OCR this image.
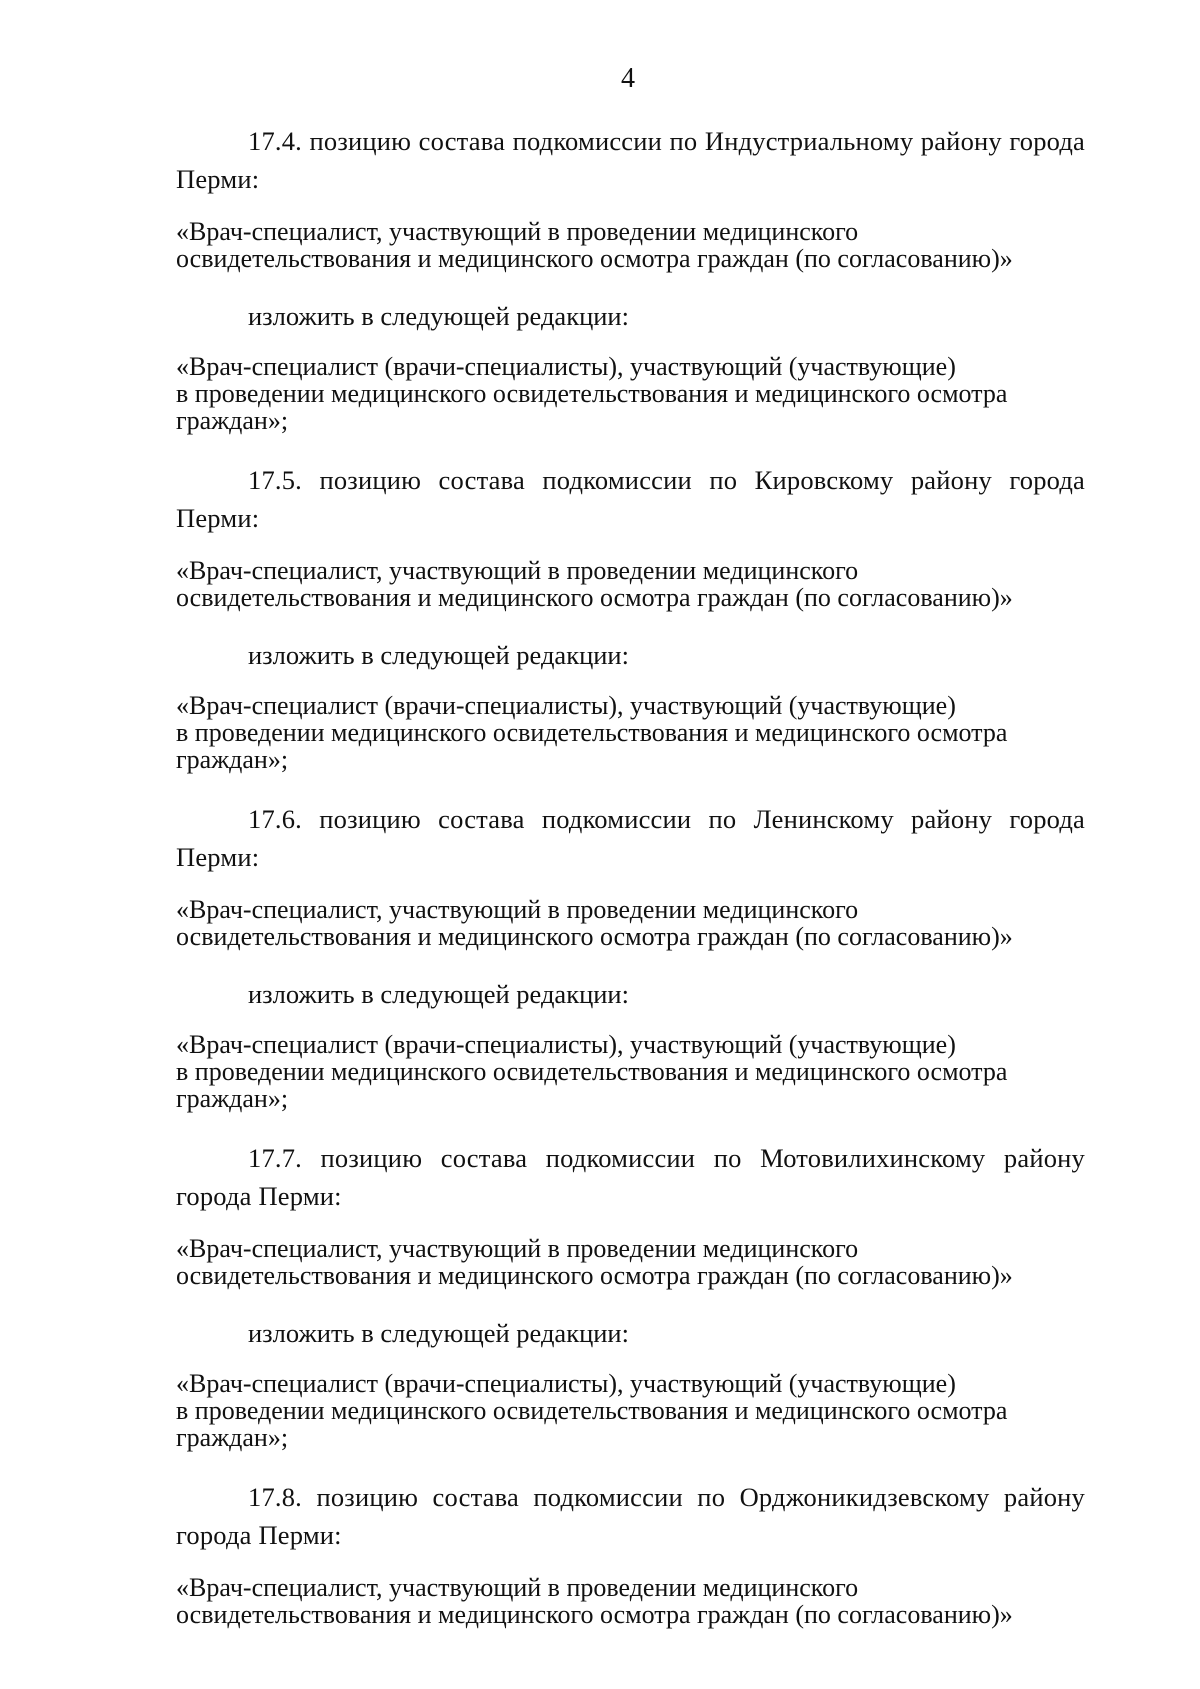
4

17.4. позицию состава подкомиссии по Индустриальному району города Перми:

«Врач-специалист, участвующий в проведении медицинского
освидетельствования и медицинского осмотра граждан (по согласованию)»

изложить в следующей редакции:

«Врач-специалист (врачи-специалисты), участвующий (участвующие)
в проведении медицинского освидетельствования и медицинского осмотра
граждан»;

17.5. позицию состава подкомиссии по Кировскому району города Перми:

«Врач-специалист, участвующий в проведении медицинского
освидетельствования и медицинского осмотра граждан (по согласованию)»

изложить в следующей редакции:

«Врач-специалист (врачи-специалисты), участвующий (участвующие)
в проведении медицинского освидетельствования и медицинского осмотра
граждан»;

17.6. позицию состава подкомиссии по Ленинскому району города Перми:

«Врач-специалист, участвующий в проведении медицинского
освидетельствования и медицинского осмотра граждан (по согласованию)»

изложить в следующей редакции:

«Врач-специалист (врачи-специалисты), участвующий (участвующие)
в проведении медицинского освидетельствования и медицинского осмотра
граждан»;

17.7. позицию состава подкомиссии по Мотовилихинскому району города Перми:

«Врач-специалист, участвующий в проведении медицинского
освидетельствования и медицинского осмотра граждан (по согласованию)»

изложить в следующей редакции:

«Врач-специалист (врачи-специалисты), участвующий (участвующие)
в проведении медицинского освидетельствования и медицинского осмотра
граждан»;

17.8. позицию состава подкомиссии по Орджоникидзевскому району города Перми:

«Врач-специалист, участвующий в проведении медицинского
освидетельствования и медицинского осмотра граждан (по согласованию)»
